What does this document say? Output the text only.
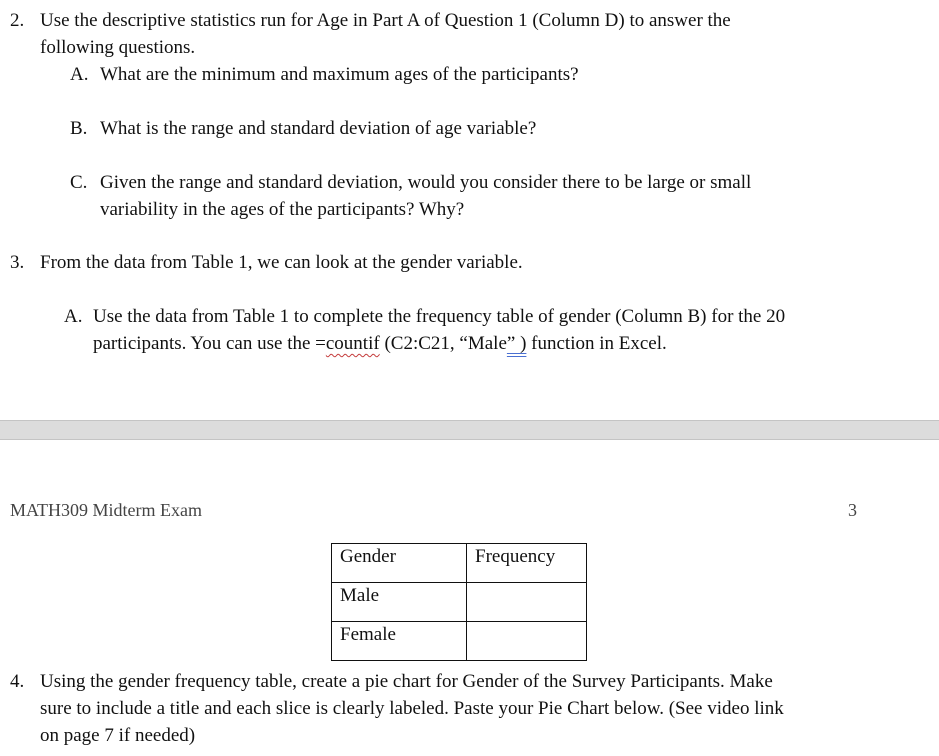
2. Use the descriptive statistics run for Age in Part A of Question 1 (Column D) to answer the
following questions.
A. What are the minimum and maximum ages of the participants?
B. What is the range and standard deviation of age variable?
C. Given the range and standard deviation, would you consider there to be large or small
variability in the ages of the participants? Why?
3. From the data from Table 1, we can look at the gender variable.
A. Use the data from Table 1 to complete the frequency table of gender (Column B) for the 20
participants. You can use the =countif (C2:C21, “Male” ) function in Excel.
MATH309 Midterm Exam	3
Gender	Frequency
Male	
Female	
4. Using the gender frequency table, create a pie chart for Gender of the Survey Participants. Make
sure to include a title and each slice is clearly labeled. Paste your Pie Chart below. (See video link
on page 7 if needed)
